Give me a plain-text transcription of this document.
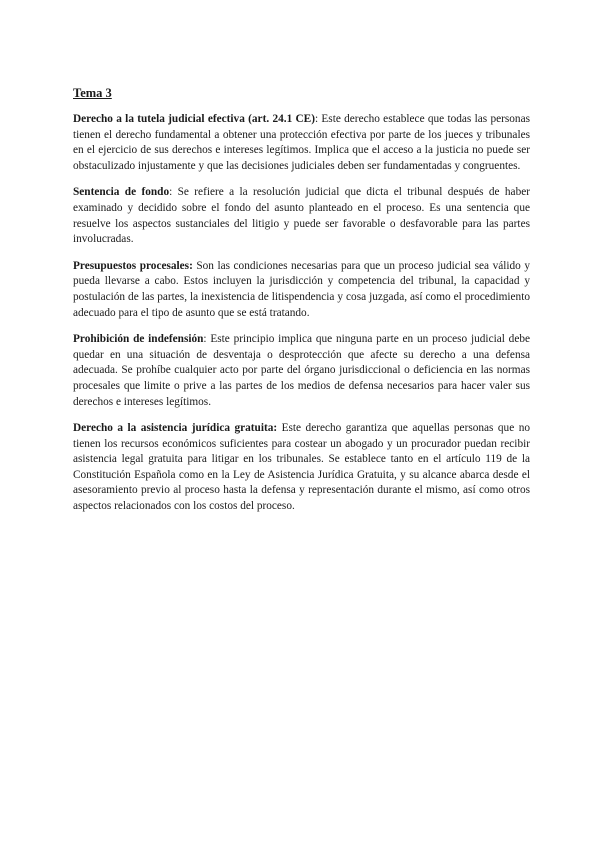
Tema 3

Derecho a la tutela judicial efectiva (art. 24.1 CE): Este derecho establece que todas las personas tienen el derecho fundamental a obtener una protección efectiva por parte de los jueces y tribunales en el ejercicio de sus derechos e intereses legítimos. Implica que el acceso a la justicia no puede ser obstaculizado injustamente y que las decisiones judiciales deben ser fundamentadas y congruentes.

Sentencia de fondo: Se refiere a la resolución judicial que dicta el tribunal después de haber examinado y decidido sobre el fondo del asunto planteado en el proceso. Es una sentencia que resuelve los aspectos sustanciales del litigio y puede ser favorable o desfavorable para las partes involucradas.

Presupuestos procesales: Son las condiciones necesarias para que un proceso judicial sea válido y pueda llevarse a cabo. Estos incluyen la jurisdicción y competencia del tribunal, la capacidad y postulación de las partes, la inexistencia de litispendencia y cosa juzgada, así como el procedimiento adecuado para el tipo de asunto que se está tratando.

Prohibición de indefensión: Este principio implica que ninguna parte en un proceso judicial debe quedar en una situación de desventaja o desprotección que afecte su derecho a una defensa adecuada. Se prohíbe cualquier acto por parte del órgano jurisdiccional o deficiencia en las normas procesales que limite o prive a las partes de los medios de defensa necesarios para hacer valer sus derechos e intereses legítimos.

Derecho a la asistencia jurídica gratuita: Este derecho garantiza que aquellas personas que no tienen los recursos económicos suficientes para costear un abogado y un procurador puedan recibir asistencia legal gratuita para litigar en los tribunales. Se establece tanto en el artículo 119 de la Constitución Española como en la Ley de Asistencia Jurídica Gratuita, y su alcance abarca desde el asesoramiento previo al proceso hasta la defensa y representación durante el mismo, así como otros aspectos relacionados con los costos del proceso.
